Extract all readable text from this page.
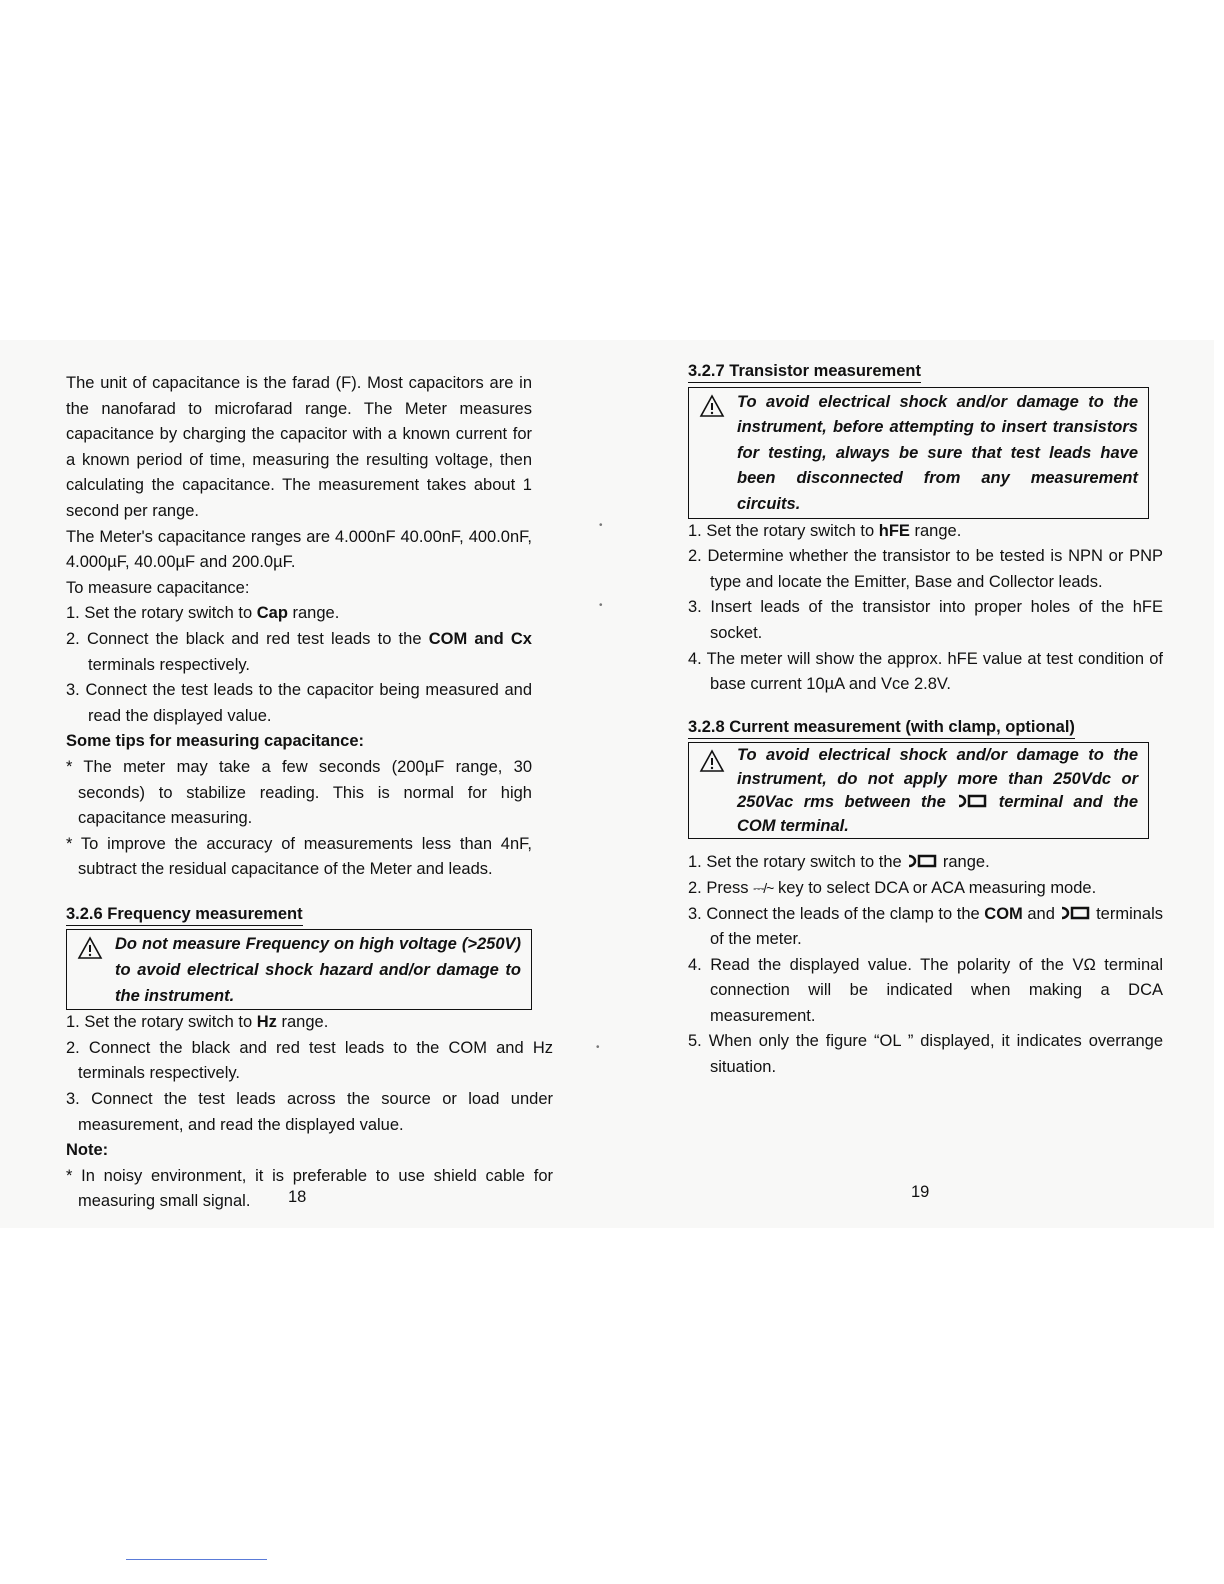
The unit of capacitance is the farad (F). Most capacitors are in the nanofarad to microfarad range. The Meter measures capacitance by charging the capacitor with a known current for a known period of time, measuring the resulting voltage, then calculating the capacitance. The measurement takes about 1 second per range.

The Meter's capacitance ranges are 4.000nF 40.00nF, 400.0nF, 4.000µF, 40.00µF and 200.0µF.

To measure capacitance:

1. Set the rotary switch to Cap range.

2. Connect the black and red test leads to the COM and Cx terminals respectively.

3. Connect the test leads to the capacitor being measured and read the displayed value.

Some tips for measuring capacitance:

* The meter may take a few seconds (200µF range, 30 seconds) to stabilize reading. This is normal for high capacitance measuring.

* To improve the accuracy of measurements less than 4nF, subtract the residual capacitance of the Meter and leads.

3.2.6 Frequency measurement
Do not measure Frequency on high voltage (>250V) to avoid electrical shock hazard and/or damage to the instrument.

1. Set the rotary switch to Hz range.

2. Connect the black and red test leads to the COM and Hz terminals respectively.

3. Connect the test leads across the source or load under measurement, and read the displayed value.

Note:

* In noisy environment, it is preferable to use shield cable for measuring small signal.	18
3.2.7 Transistor measurement
To avoid electrical shock and/or damage to the instrument, before attempting to insert transistors for testing, always be sure that test leads have been disconnected from any measurement circuits.

1. Set the rotary switch to hFE range.

2. Determine whether the transistor to be tested is NPN or PNP type and locate the Emitter, Base and Collector leads.

3. Insert leads of the transistor into proper holes of the hFE socket.

4. The meter will show the approx. hFE value at test condition of base current 10µA and Vce 2.8V.

3.2.8 Current measurement (with clamp, optional)
To avoid electrical shock and/or damage to the instrument, do not apply more than 250Vdc or 250Vac rms between the  terminal and the COM terminal.

1. Set the rotary switch to the  range.

2. Press ⎓/~ key to select DCA or ACA measuring mode.

3. Connect the leads of the clamp to the COM and  terminals of the meter.

4. Read the displayed value. The polarity of the VΩ terminal connection will be indicated when making a DCA measurement.

5. When only the figure “OL ” displayed, it indicates overrange situation.

19
•
•
•
